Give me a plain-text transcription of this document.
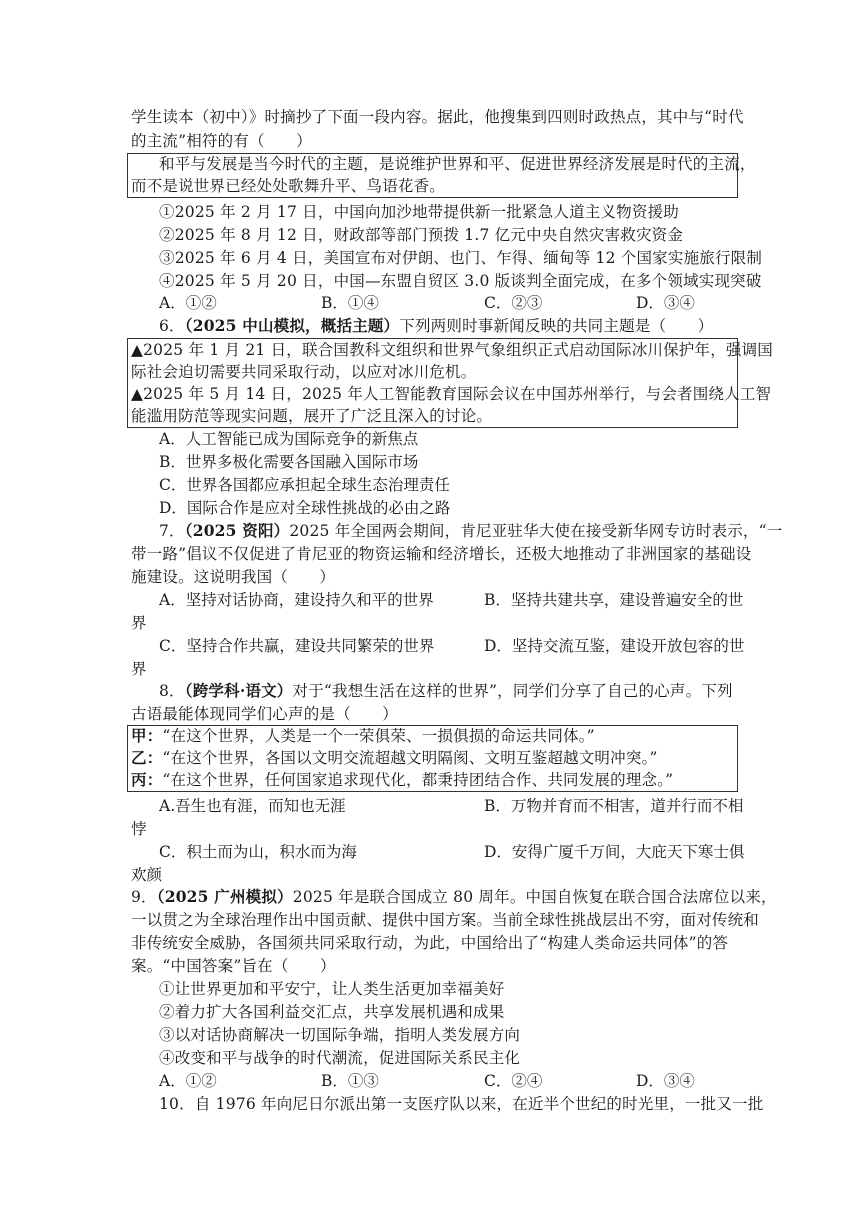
学生读本（初中）》时摘抄了下面一段内容。据此，他搜集到四则时政热点，其中与“时代
的主流”相符的有（　　）
和平与发展是当今时代的主题，是说维护世界和平、促进世界经济发展是时代的主流，
而不是说世界已经处处歌舞升平、鸟语花香。
①2025 年 2 月 17 日，中国向加沙地带提供新一批紧急人道主义物资援助
②2025 年 8 月 12 日，财政部等部门预拨 1.7 亿元中央自然灾害救灾资金
③2025 年 6 月 4 日，美国宣布对伊朗、也门、乍得、缅甸等 12 个国家实施旅行限制
④2025 年 5 月 20 日，中国—东盟自贸区 3.0 版谈判全面完成，在多个领域实现突破
A．①②	B．①④	C．②③	D．③④
6．（2025 中山模拟，概括主题）下列两则时事新闻反映的共同主题是（　　）
▲2025 年 1 月 21 日，联合国教科文组织和世界气象组织正式启动国际冰川保护年，强调国
际社会迫切需要共同采取行动，以应对冰川危机。
▲2025 年 5 月 14 日，2025 年人工智能教育国际会议在中国苏州举行，与会者围绕人工智
能滥用防范等现实问题，展开了广泛且深入的讨论。
A．人工智能已成为国际竞争的新焦点
B．世界多极化需要各国融入国际市场
C．世界各国都应承担起全球生态治理责任
D．国际合作是应对全球性挑战的必由之路
7．（2025 资阳）2025 年全国两会期间，肯尼亚驻华大使在接受新华网专访时表示，“一
带一路”倡议不仅促进了肯尼亚的物资运输和经济增长，还极大地推动了非洲国家的基础设
施建设。这说明我国（　　）
A．坚持对话协商，建设持久和平的世界	B．坚持共建共享，建设普遍安全的世
界
C．坚持合作共赢，建设共同繁荣的世界	D．坚持交流互鉴，建设开放包容的世
界
8．（跨学科·语文）对于“我想生活在这样的世界”，同学们分享了自己的心声。下列
古语最能体现同学们心声的是（　　）
甲：“在这个世界，人类是一个一荣俱荣、一损俱损的命运共同体。”
乙：“在这个世界，各国以文明交流超越文明隔阂、文明互鉴超越文明冲突。”
丙：“在这个世界，任何国家追求现代化，都秉持团结合作、共同发展的理念。”
A.吾生也有涯，而知也无涯	B．万物并育而不相害，道并行而不相
悖
C．积土而为山，积水而为海	D．安得广厦千万间，大庇天下寒士俱
欢颜
9．（2025 广州模拟）2025 年是联合国成立 80 周年。中国自恢复在联合国合法席位以来，
一以贯之为全球治理作出中国贡献、提供中国方案。当前全球性挑战层出不穷，面对传统和
非传统安全威胁，各国须共同采取行动，为此，中国给出了“构建人类命运共同体”的答
案。“中国答案”旨在（　　）
①让世界更加和平安宁，让人类生活更加幸福美好
②着力扩大各国利益交汇点，共享发展机遇和成果
③以对话协商解决一切国际争端，指明人类发展方向
④改变和平与战争的时代潮流，促进国际关系民主化
A．①②	B．①③	C．②④	D．③④
10．自 1976 年向尼日尔派出第一支医疗队以来，在近半个世纪的时光里，一批又一批
